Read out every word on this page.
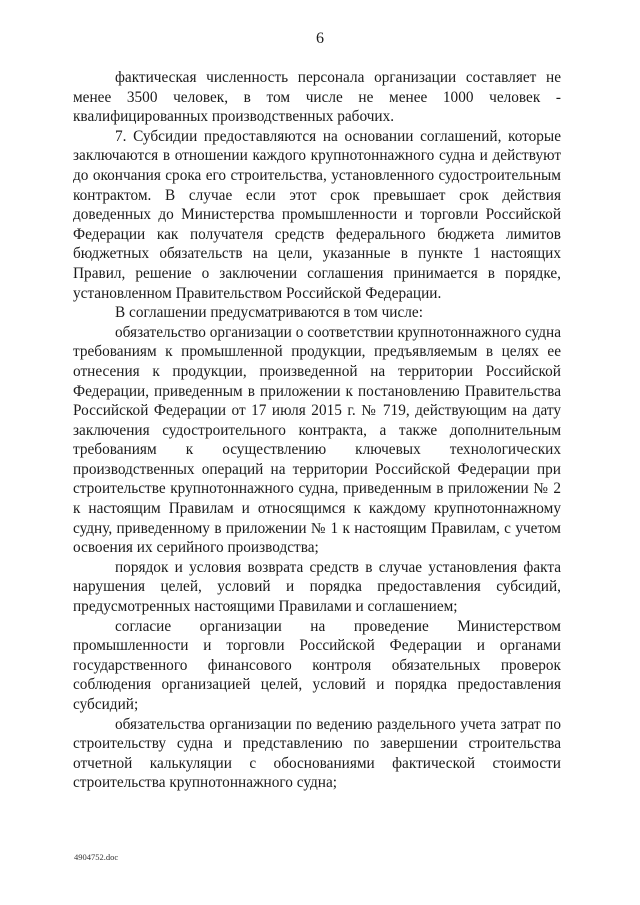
6

фактическая численность персонала организации составляет не менее 3500 человек, в том числе не менее 1000 человек - квалифицированных производственных рабочих.

7. Субсидии предоставляются на основании соглашений, которые заключаются в отношении каждого крупнотоннажного судна и действуют до окончания срока его строительства, установленного судостроительным контрактом. В случае если этот срок превышает срок действия доведенных до Министерства промышленности и торговли Российской Федерации как получателя средств федерального бюджета лимитов бюджетных обязательств на цели, указанные в пункте 1 настоящих Правил, решение о заключении соглашения принимается в порядке, установленном Правительством Российской Федерации.

В соглашении предусматриваются в том числе:

обязательство организации о соответствии крупнотоннажного судна требованиям к промышленной продукции, предъявляемым в целях ее отнесения к продукции, произведенной на территории Российской Федерации, приведенным в приложении к постановлению Правительства Российской Федерации от 17 июля 2015 г. № 719, действующим на дату заключения судостроительного контракта, а также дополнительным требованиям к осуществлению ключевых технологических производственных операций на территории Российской Федерации при строительстве крупнотоннажного судна, приведенным в приложении № 2 к настоящим Правилам и относящимся к каждому крупнотоннажному судну, приведенному в приложении № 1 к настоящим Правилам, с учетом освоения их серийного производства;

порядок и условия возврата средств в случае установления факта нарушения целей, условий и порядка предоставления субсидий, предусмотренных настоящими Правилами и соглашением;

согласие организации на проведение Министерством промышленности и торговли Российской Федерации и органами государственного финансового контроля обязательных проверок соблюдения организацией целей, условий и порядка предоставления субсидий;

обязательства организации по ведению раздельного учета затрат по строительству судна и представлению по завершении строительства отчетной калькуляции с обоснованиями фактической стоимости строительства крупнотоннажного судна;

4904752.doc
